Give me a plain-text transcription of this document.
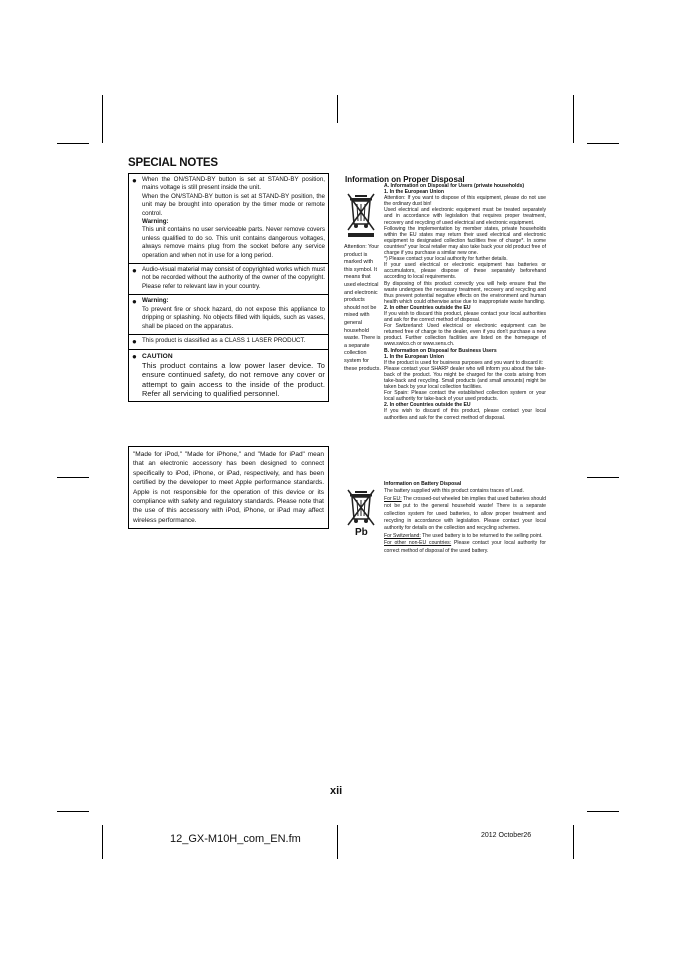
SPECIAL NOTES
● When the ON/STAND-BY button is set at STAND-BY position, mains voltage is still present inside the unit.
When the ON/STAND-BY button is set at STAND-BY position, the unit may be brought into operation by the timer mode or remote control.
Warning:
This unit contains no user serviceable parts. Never remove covers unless qualified to do so. This unit contains dangerous voltages, always remove mains plug from the socket before any service operation and when not in use for a long period.
● Audio-visual material may consist of copyrighted works which must not be recorded without the authority of the owner of the copyright. Please refer to relevant law in your country.
● Warning:
To prevent fire or shock hazard, do not expose this appliance to dripping or splashing. No objects filled with liquids, such as vases, shall be placed on the apparatus.
● This product is classified as a CLASS 1 LASER PRODUCT.
● CAUTION
This product contains a low power laser device. To ensure continued safety, do not remove any cover or attempt to gain access to the inside of the product. Refer all servicing to qualified personnel.
"Made for iPod," "Made for iPhone," and "Made for iPad" mean that an electronic accessory has been designed to connect specifically to iPod, iPhone, or iPad, respectively, and has been certified by the developer to meet Apple performance standards. Apple is not responsible for the operation of this device or its compliance with safety and regulatory standards. Please note that the use of this accessory with iPod, iPhone, or iPad may affect wireless performance.
Information on Proper Disposal
Attention: Your product is marked with this symbol. It means that used electrical and electronic products should not be mixed with general household waste. There is a separate collection system for these products.

A. Information on Disposal for Users (private households)

1. In the European Union

Attention: If you want to dispose of this equipment, please do not use the ordinary dust bin!

Used electrical and electronic equipment must be treated separately and in accordance with legislation that requires proper treatment, recovery and recycling of used electrical and electronic equipment.

Following the implementation by member states, private households within the EU states may return their used electrical and electronic equipment to designated collection facilities free of charge*. In some countries* your local retailer may also take back your old product free of charge if you purchase a similar new one.

*) Please contact your local authority for further details.

If your used electrical or electronic equipment has batteries or accumulators, please dispose of these separately beforehand according to local requirements.

By disposing of this product correctly you will help ensure that the waste undergoes the necessary treatment, recovery and recycling and thus prevent potential negative effects on the environment and human health which could otherwise arise due to inappropriate waste handling.

2. In other Countries outside the EU

If you wish to discard this product, please contact your local authorities and ask for the correct method of disposal.

For Switzerland: Used electrical or electronic equipment can be returned free of charge to the dealer, even if you don't purchase a new product. Further collection facilities are listed on the homepage of www.swico.ch or www.sens.ch.

B. Information on Disposal for Business Users

1. In the European Union

If the product is used for business purposes and you want to discard it:

Please contact your SHARP dealer who will inform you about the take-back of the product. You might be charged for the costs arising from take-back and recycling. Small products (and small amounts) might be taken back by your local collection facilities.

For Spain: Please contact the established collection system or your local authority for take-back of your used products.

2. In other Countries outside the EU

If you wish to discard of this product, please contact your local authorities and ask for the correct method of disposal.

Pb

Information on Battery Disposal

The battery supplied with this product contains traces of Lead.

For EU: The crossed-out wheeled bin implies that used batteries should not be put to the general household waste! There is a separate collection system for used batteries, to allow proper treatment and recycling in accordance with legislation. Please contact your local authority for details on the collection and recycling schemes.

For Switzerland: The used battery is to be returned to the selling point.

For other non-EU countries: Please contact your local authority for correct method of disposal of the used battery.

xii
12_GX-M10H_com_EN.fm	2012 October26
